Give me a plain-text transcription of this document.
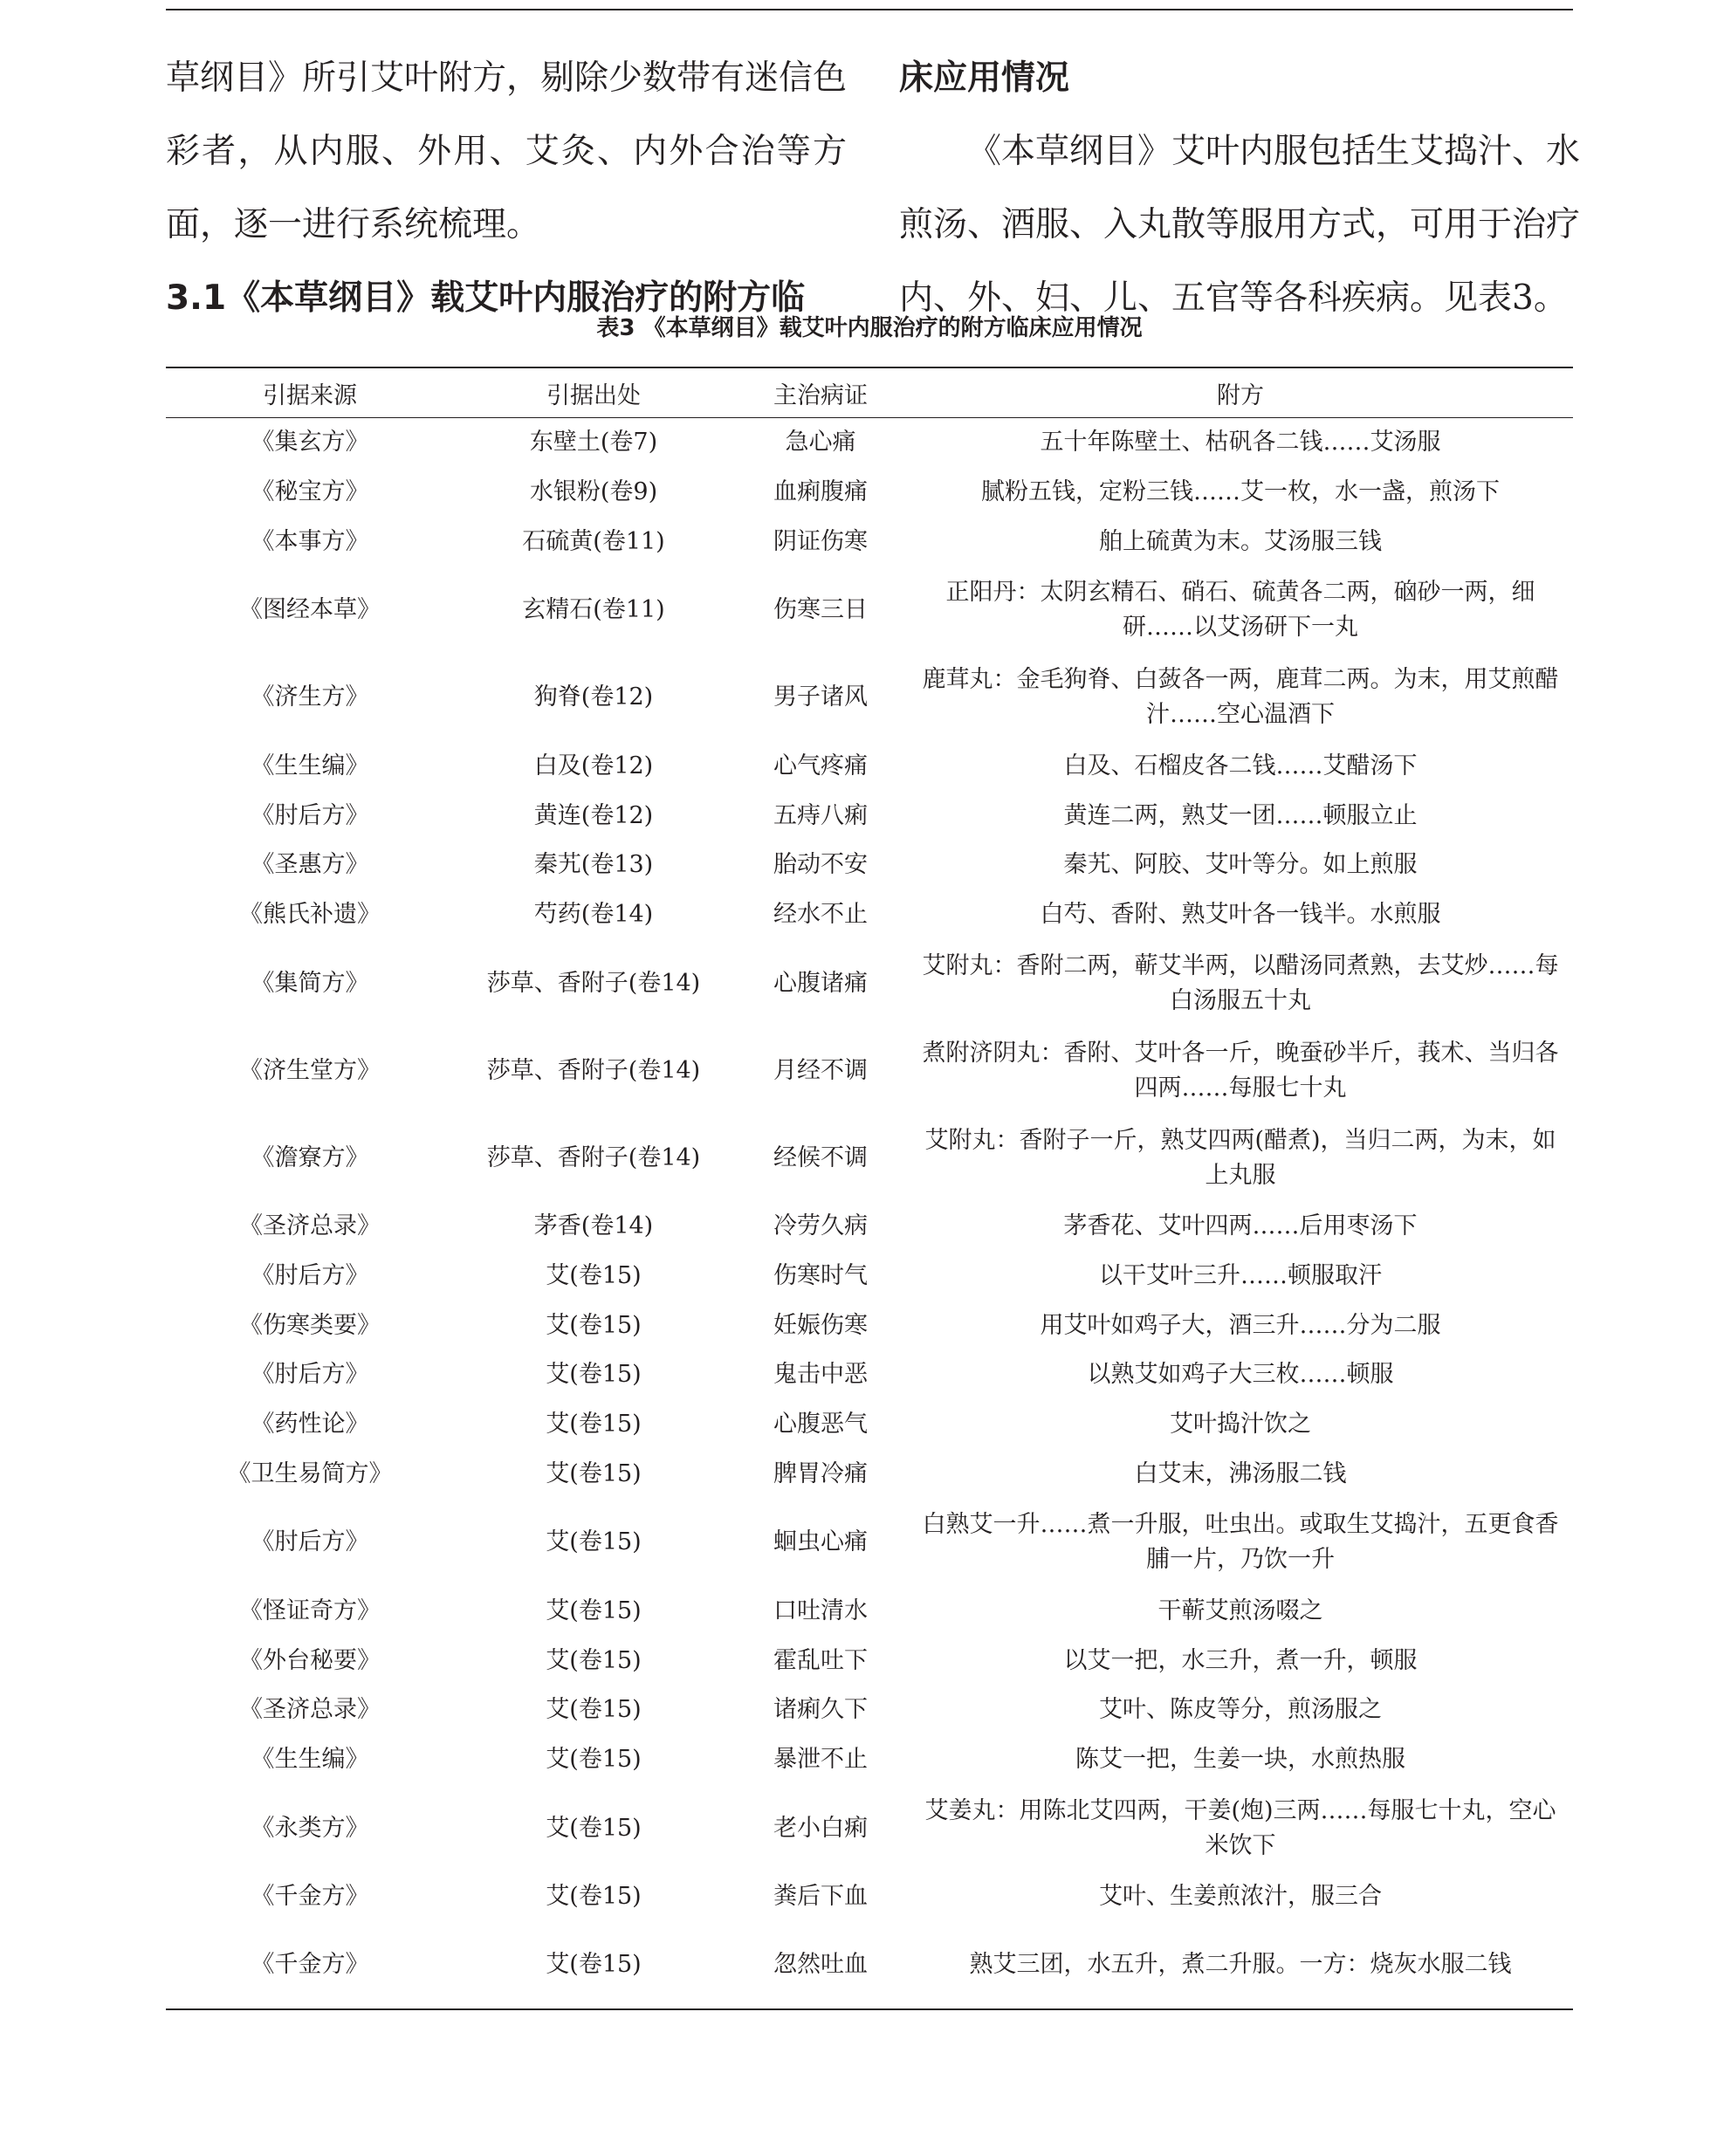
草纲目》所引艾叶附方，剔除少数带有迷信色彩者，从内服、外用、艾灸、内外合治等方面，逐一进行系统梳理。

3.1《本草纲目》载艾叶内服治疗的附方临

床应用情况

《本草纲目》艾叶内服包括生艾捣汁、水煎汤、酒服、入丸散等服用方式，可用于治疗内、外、妇、儿、五官等各科疾病。见表3。

表3 《本草纲目》载艾叶内服治疗的附方临床应用情况
引据来源	引据出处	主治病证	附方
《集玄方》	东壁土(卷7)	急心痛	五十年陈壁土、枯矾各二钱……艾汤服
《秘宝方》	水银粉(卷9)	血痢腹痛	腻粉五钱，定粉三钱……艾一枚，水一盏，煎汤下
《本事方》	石硫黄(卷11)	阴证伤寒	舶上硫黄为末。艾汤服三钱
《图经本草》	玄精石(卷11)	伤寒三日	正阳丹：太阴玄精石、硝石、硫黄各二两，硇砂一两，细研……以艾汤研下一丸
《济生方》	狗脊(卷12)	男子诸风	鹿茸丸：金毛狗脊、白蔹各一两，鹿茸二两。为末，用艾煎醋汁……空心温酒下
《生生编》	白及(卷12)	心气疼痛	白及、石榴皮各二钱……艾醋汤下
《肘后方》	黄连(卷12)	五痔八痢	黄连二两，熟艾一团……顿服立止
《圣惠方》	秦艽(卷13)	胎动不安	秦艽、阿胶、艾叶等分。如上煎服
《熊氏补遗》	芍药(卷14)	经水不止	白芍、香附、熟艾叶各一钱半。水煎服
《集简方》	莎草、香附子(卷14)	心腹诸痛	艾附丸：香附二两，蕲艾半两，以醋汤同煮熟，去艾炒……每白汤服五十丸
《济生堂方》	莎草、香附子(卷14)	月经不调	煮附济阴丸：香附、艾叶各一斤，晚蚕砂半斤，莪术、当归各四两……每服七十丸
《澹寮方》	莎草、香附子(卷14)	经候不调	艾附丸：香附子一斤，熟艾四两(醋煮)，当归二两，为末，如上丸服
《圣济总录》	茅香(卷14)	冷劳久病	茅香花、艾叶四两……后用枣汤下
《肘后方》	艾(卷15)	伤寒时气	以干艾叶三升……顿服取汗
《伤寒类要》	艾(卷15)	妊娠伤寒	用艾叶如鸡子大，酒三升……分为二服
《肘后方》	艾(卷15)	鬼击中恶	以熟艾如鸡子大三枚……顿服
《药性论》	艾(卷15)	心腹恶气	艾叶捣汁饮之
《卫生易简方》	艾(卷15)	脾胃冷痛	白艾末，沸汤服二钱
《肘后方》	艾(卷15)	蛔虫心痛	白熟艾一升……煮一升服，吐虫出。或取生艾捣汁，五更食香脯一片，乃饮一升
《怪证奇方》	艾(卷15)	口吐清水	干蕲艾煎汤啜之
《外台秘要》	艾(卷15)	霍乱吐下	以艾一把，水三升，煮一升，顿服
《圣济总录》	艾(卷15)	诸痢久下	艾叶、陈皮等分，煎汤服之
《生生编》	艾(卷15)	暴泄不止	陈艾一把，生姜一块，水煎热服
《永类方》	艾(卷15)	老小白痢	艾姜丸：用陈北艾四两，干姜(炮)三两……每服七十丸，空心米饮下
《千金方》	艾(卷15)	粪后下血	艾叶、生姜煎浓汁，服三合
《千金方》	艾(卷15)	忽然吐血	熟艾三团，水五升，煮二升服。一方：烧灰水服二钱
